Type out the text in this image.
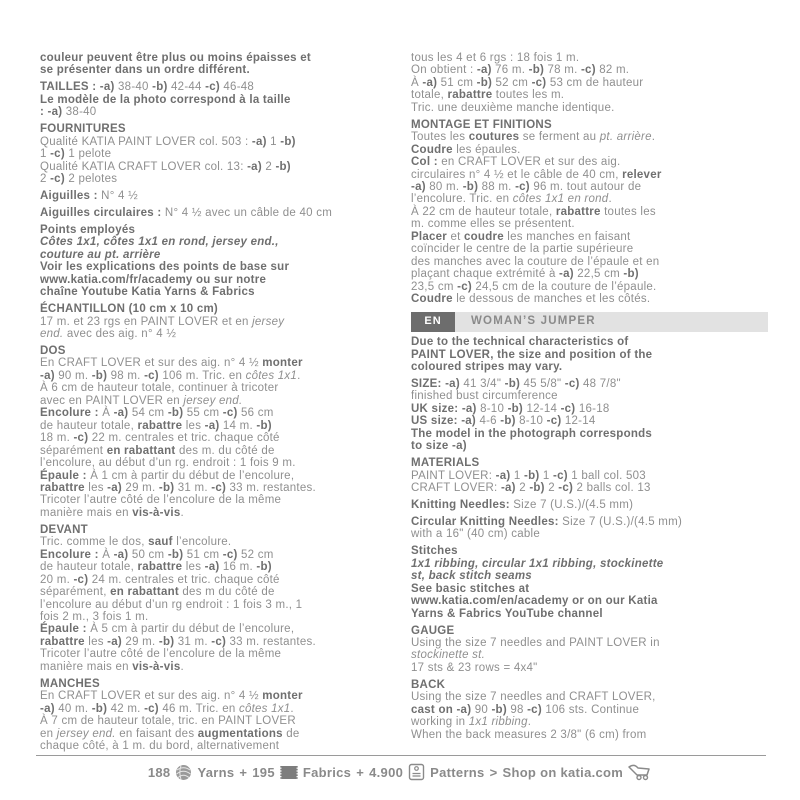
couleur peuvent être plus ou moins épaisses et
se présenter dans un ordre différent.
TAILLES : -a) 38-40 -b) 42-44 -c) 46-48
Le modèle de la photo correspond à la taille
: -a) 38-40
FOURNITURES
Qualité KATIA PAINT LOVER col. 503 : -a) 1 -b)
1 -c) 1 pelote
Qualité KATIA CRAFT LOVER col. 13: -a) 2 -b)
2 -c) 2 pelotes
Aiguilles : N° 4 ½
Aiguilles circulaires : N° 4 ½ avec un câble de 40 cm
Points employés
Côtes 1x1, côtes 1x1 en rond, jersey end.,
couture au pt. arrière
Voir les explications des points de base sur
www.katia.com/fr/academy ou sur notre
chaîne Youtube Katia Yarns & Fabrics
ÉCHANTILLON (10 cm x 10 cm)
17 m. et 23 rgs en PAINT LOVER et en jersey
end. avec des aig. n° 4 ½
DOS
En CRAFT LOVER et sur des aig. n° 4 ½ monter
-a) 90 m. -b) 98 m. -c) 106 m. Tric. en côtes 1x1.
À 6 cm de hauteur totale, continuer à tricoter
avec en PAINT LOVER en jersey end.
Encolure : À -a) 54 cm -b) 55 cm -c) 56 cm
de hauteur totale, rabattre les -a) 14 m. -b)
18 m. -c) 22 m. centrales et tric. chaque côté
séparément en rabattant des m. du côté de
l’encolure, au début d’un rg. endroit : 1 fois 9 m.
Épaule : À 1 cm à partir du début de l’encolure,
rabattre les -a) 29 m. -b) 31 m. -c) 33 m. restantes.
Tricoter l’autre côté de l’encolure de la même
manière mais en vis-à-vis.
DEVANT
Tric. comme le dos, sauf l’encolure.
Encolure : À -a) 50 cm -b) 51 cm -c) 52 cm
de hauteur totale, rabattre les -a) 16 m. -b)
20 m. -c) 24 m. centrales et tric. chaque côté
séparément, en rabattant des m du côté de
l’encolure au début d’un rg endroit : 1 fois 3 m., 1
fois 2 m., 3 fois 1 m.
Épaule : À 5 cm à partir du début de l’encolure,
rabattre les -a) 29 m. -b) 31 m. -c) 33 m. restantes.
Tricoter l’autre côté de l’encolure de la même
manière mais en vis-à-vis.
MANCHES
En CRAFT LOVER et sur des aig. n° 4 ½ monter
-a) 40 m. -b) 42 m. -c) 46 m. Tric. en côtes 1x1.
À 7 cm de hauteur totale, tric. en PAINT LOVER
en jersey end. en faisant des augmentations de
chaque côté, à 1 m. du bord, alternativement
tous les 4 et 6 rgs : 18 fois 1 m.
On obtient : -a) 76 m. -b) 78 m. -c) 82 m.
À -a) 51 cm -b) 52 cm -c) 53 cm de hauteur
totale, rabattre toutes les m.
Tric. une deuxième manche identique.
MONTAGE ET FINITIONS
Toutes les coutures se ferment au pt. arrière.
Coudre les épaules.
Col : en CRAFT LOVER et sur des aig.
circulaires n° 4 ½ et le câble de 40 cm, relever
-a) 80 m. -b) 88 m. -c) 96 m. tout autour de
l’encolure. Tric. en côtes 1x1 en rond.
À 22 cm de hauteur totale, rabattre toutes les
m. comme elles se présentent.
Placer et coudre les manches en faisant
coïncider le centre de la partie supérieure
des manches avec la couture de l’épaule et en
plaçant chaque extrémité à -a) 22,5 cm -b)
23,5 cm -c) 24,5 cm de la couture de l’épaule.
Coudre le dessous de manches et les côtés.
EN	WOMAN’S JUMPER
Due to the technical characteristics of
PAINT LOVER, the size and position of the
coloured stripes may vary.
SIZE: -a) 41 3/4" -b) 45 5/8" -c) 48 7/8"
finished bust circumference
UK size: -a) 8-10 -b) 12-14 -c) 16-18
US size: -a) 4-6 -b) 8-10 -c) 12-14
The model in the photograph corresponds
to size -a)
MATERIALS
PAINT LOVER: -a) 1 -b) 1 -c) 1 ball col. 503
CRAFT LOVER: -a) 2 -b) 2 -c) 2 balls col. 13
Knitting Needles: Size 7 (U.S.)/(4.5 mm)
Circular Knitting Needles: Size 7 (U.S.)/(4.5 mm)
with a 16" (40 cm) cable
Stitches
1x1 ribbing, circular 1x1 ribbing, stockinette
st, back stitch seams
See basic stitches at
www.katia.com/en/academy or on our Katia
Yarns & Fabrics YouTube channel
GAUGE
Using the size 7 needles and PAINT LOVER in
stockinette st.
17 sts & 23 rows = 4x4"
BACK
Using the size 7 needles and CRAFT LOVER,
cast on -a) 90 -b) 98 -c) 106 sts. Continue
working in 1x1 ribbing.
When the back measures 2 3/8" (6 cm) from
188 Yarns + 195 Fabrics + 4.900 Patterns > Shop on katia.com
